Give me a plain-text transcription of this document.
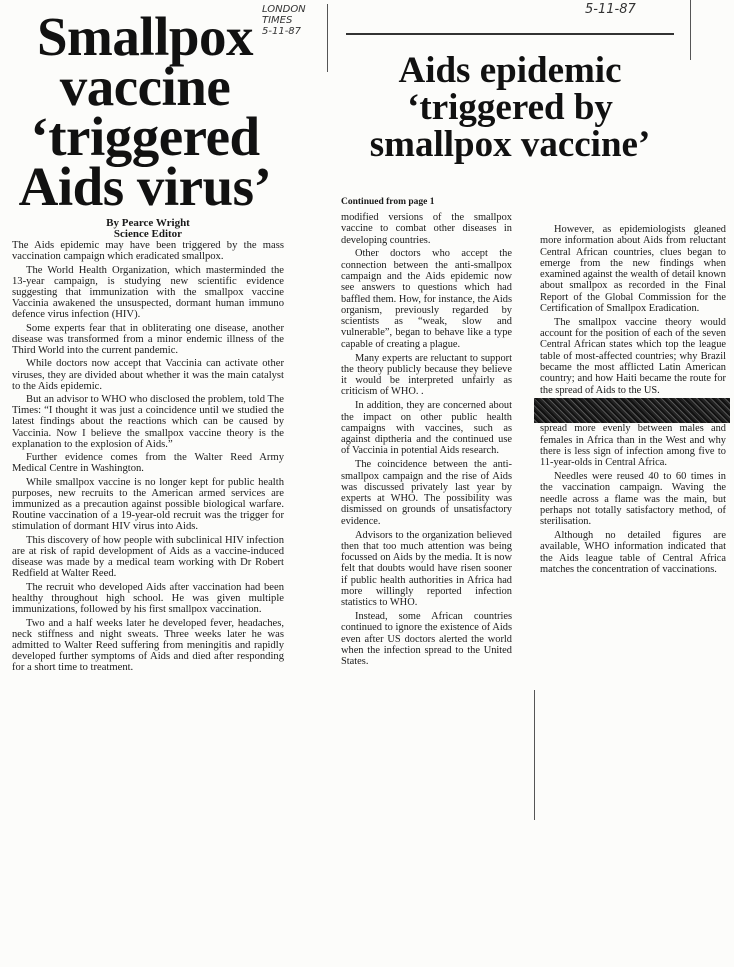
LONDON
TIMES
5-11-87
5-11-87
Smallpox
vaccine
‘triggered
Aids virus’
By Pearce Wright
Science Editor

The Aids epidemic may have been triggered by the mass vaccination campaign which eradicated smallpox.

The World Health Organization, which masterminded the 13-year campaign, is studying new scientific evidence suggesting that immunization with the smallpox vaccine Vaccinia awakened the unsuspected, dormant human immuno defence virus infection (HIV).

Some experts fear that in obliterating one disease, another disease was transformed from a minor endemic illness of the Third World into the current pandemic.

While doctors now accept that Vaccinia can activate other viruses, they are divided about whether it was the main catalyst to the Aids epidemic.

But an advisor to WHO who disclosed the problem, told The Times: “I thought it was just a coincidence until we studied the latest findings about the reactions which can be caused by Vaccinia. Now I believe the smallpox vaccine theory is the explanation to the explosion of Aids.”

Further evidence comes from the Walter Reed Army Medical Centre in Washington.

While smallpox vaccine is no longer kept for public health purposes, new recruits to the American armed services are immunized as a precaution against possible biological warfare. Routine vaccination of a 19-year-old recruit was the trigger for stimulation of dormant HIV virus into Aids.

This discovery of how people with subclinical HIV infection are at risk of rapid development of Aids as a vaccine-induced disease was made by a medical team working with Dr Robert Redfield at Walter Reed.

The recruit who developed Aids after vaccination had been healthy throughout high school. He was given multiple immunizations, followed by his first smallpox vaccination.

Two and a half weeks later he developed fever, headaches, neck stiffness and night sweats. Three weeks later he was admitted to Walter Reed suffering from meningitis and rapidly developed further symptoms of Aids and died after responding for a short time to treatment.

Aids epidemic
‘triggered by
smallpox vaccine’
Continued from page 1

modified versions of the smallpox vaccine to combat other diseases in developing countries.

Other doctors who accept the connection between the anti-smallpox campaign and the Aids epidemic now see answers to questions which had baffled them. How, for instance, the Aids organism, previously regarded by scientists as “weak, slow and vulnerable”, began to behave like a type capable of creating a plague.

Many experts are reluctant to support the theory publicly because they believe it would be interpreted unfairly as criticism of WHO. .

In addition, they are concerned about the impact on other public health campaigns with vaccines, such as against diptheria and the continued use of Vaccinia in potential Aids research.

The coincidence between the anti-smallpox campaign and the rise of Aids was discussed privately last year by experts at WHO. The possibility was dismissed on grounds of unsatisfactory evidence.

Advisors to the organization believed then that too much attention was being focussed on Aids by the media. It is now felt that doubts would have risen sooner if public health authorities in Africa had more willingly reported infection statistics to WHO.

Instead, some African countries continued to ignore the existence of Aids even after US doctors alerted the world when the infection spread to the United States.

However, as epidemiologists gleaned more information about Aids from reluctant Central African countries, clues began to emerge from the new findings when examined against the wealth of detail known about smallpox as recorded in the Final Report of the Global Commission for the Certification of Smallpox Eradication.

The smallpox vaccine theory would account for the position of each of the seven Central African states which top the league table of most-affected countries; why Brazil became the most afflicted Latin American country; and how Haiti became the route for the spread of Aids to the US.

spread more evenly between males and females in Africa than in the West and why there is less sign of infection among five to 11-year-olds in Central Africa.

Needles were reused 40 to 60 times in the vaccination campaign. Waving the needle across a flame was the main, but perhaps not totally satisfactory method, of sterilisation.

Although no detailed figures are available, WHO information indicated that the Aids league table of Central Africa matches the concentration of vaccinations.
